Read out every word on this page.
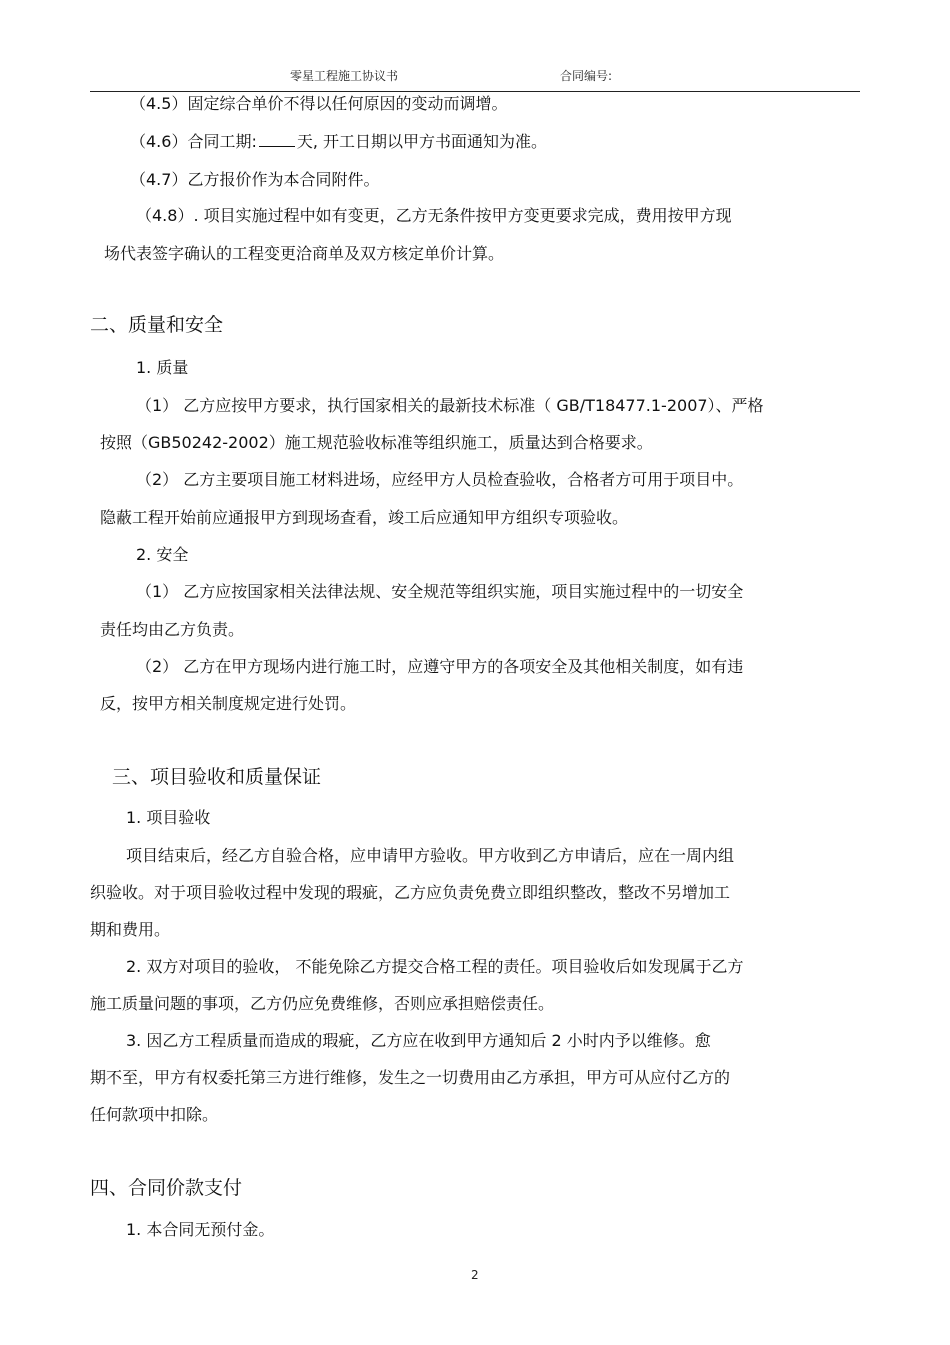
零星工程施工协议书	合同编号:
（4.5）固定综合单价不得以任何原因的变动而调增。
（4.6）合同工期:	天, 开工日期以甲方书面通知为准。
（4.7）乙方报价作为本合同附件。
（4.8）. 项目实施过程中如有变更，乙方无条件按甲方变更要求完成，费用按甲方现
场代表签字确认的工程变更洽商单及双方核定单价计算。
二、质量和安全
1. 质量
（1） 乙方应按甲方要求，执行国家相关的最新技术标准（ GB/T18477.1-2007）、严格
按照（GB50242-2002）施工规范验收标准等组织施工，质量达到合格要求。
（2） 乙方主要项目施工材料进场，应经甲方人员检查验收，合格者方可用于项目中。
隐蔽工程开始前应通报甲方到现场查看，竣工后应通知甲方组织专项验收。
2. 安全
（1） 乙方应按国家相关法律法规、安全规范等组织实施，项目实施过程中的一切安全
责任均由乙方负责。
（2） 乙方在甲方现场内进行施工时，应遵守甲方的各项安全及其他相关制度，如有违
反，按甲方相关制度规定进行处罚。
三、项目验收和质量保证
1. 项目验收
项目结束后，经乙方自验合格，应申请甲方验收。甲方收到乙方申请后，应在一周内组
织验收。对于项目验收过程中发现的瑕疵，乙方应负责免费立即组织整改，整改不另增加工
期和费用。
2. 双方对项目的验收， 不能免除乙方提交合格工程的责任。项目验收后如发现属于乙方
施工质量问题的事项，乙方仍应免费维修，否则应承担赔偿责任。
3. 因乙方工程质量而造成的瑕疵，乙方应在收到甲方通知后 2 小时内予以维修。愈
期不至，甲方有权委托第三方进行维修，发生之一切费用由乙方承担，甲方可从应付乙方的
任何款项中扣除。
四、合同价款支付
1. 本合同无预付金。
2
